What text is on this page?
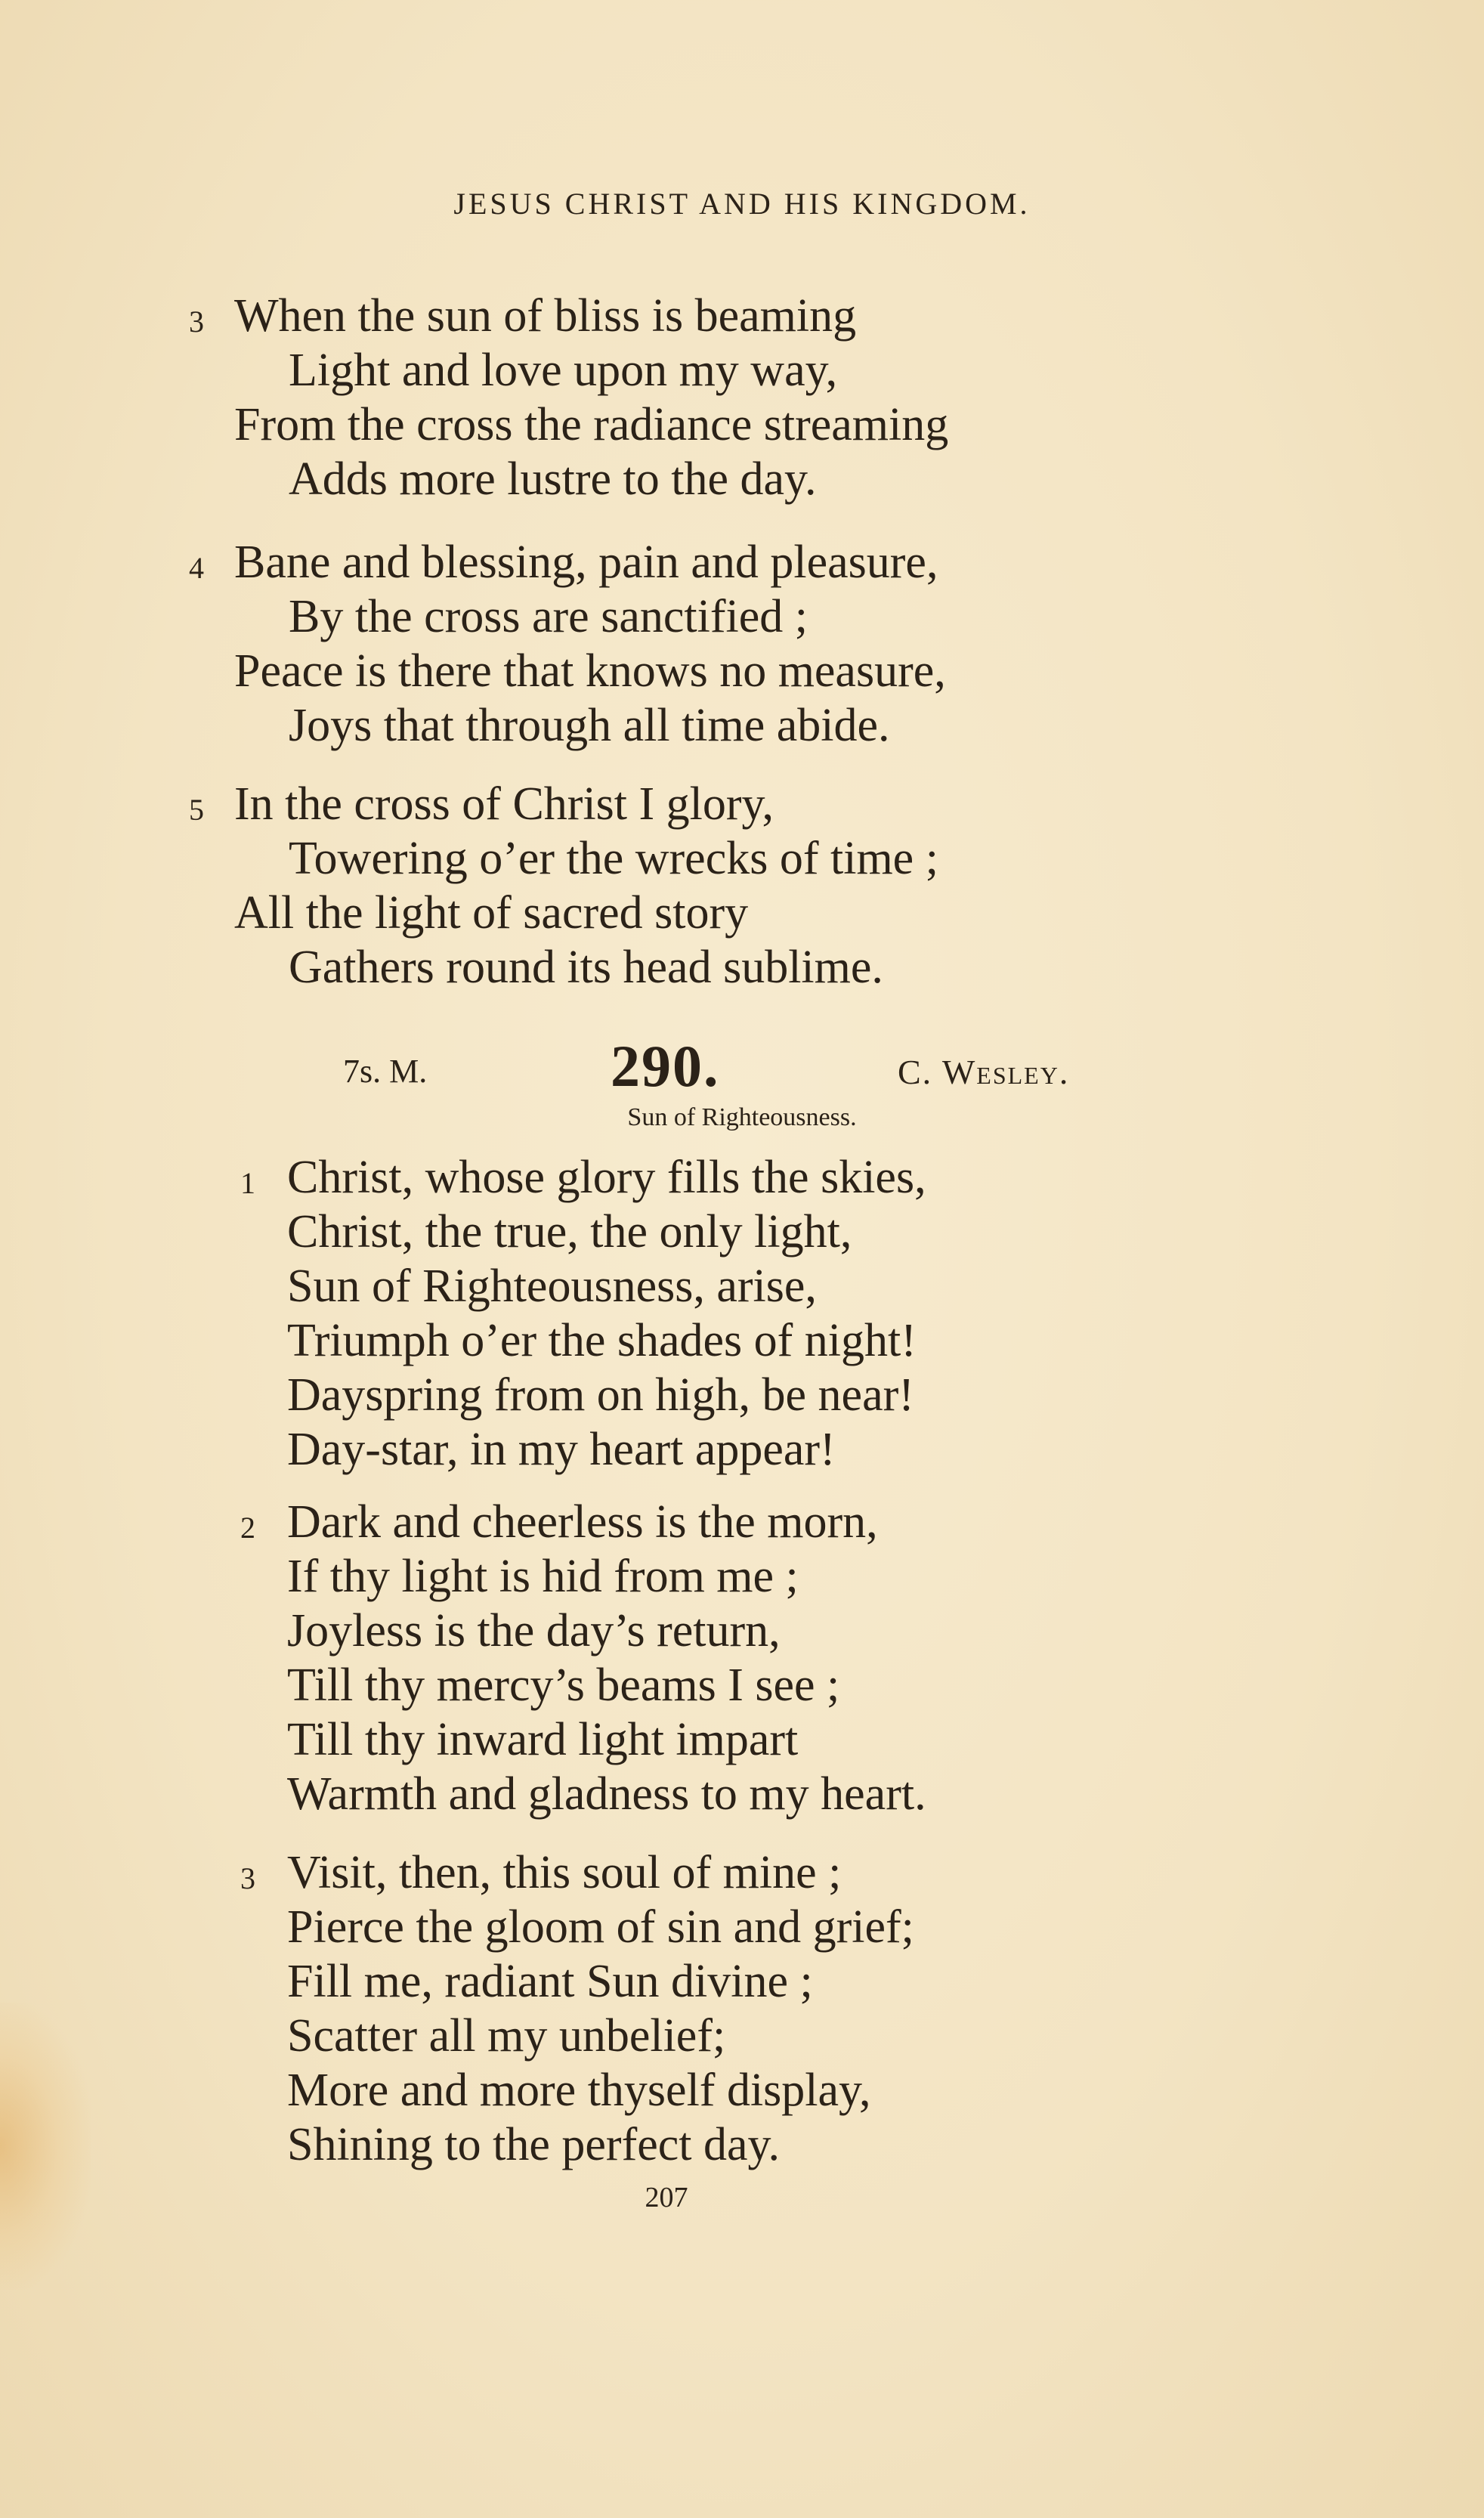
JESUS CHRIST AND HIS KINGDOM.
3 When the sun of bliss is beaming
Light and love upon my way,
From the cross the radiance streaming
Adds more lustre to the day.
4 Bane and blessing, pain and pleasure,
By the cross are sanctified ;
Peace is there that knows no measure,
Joys that through all time abide.
5 In the cross of Christ I glory,
Towering o’er the wrecks of time ;
All the light of sacred story
Gathers round its head sublime.
7s. M.	290.	C. Wesley.
Sun of Righteousness.
1 Christ, whose glory fills the skies,
Christ, the true, the only light,
Sun of Righteousness, arise,
Triumph o’er the shades of night!
Dayspring from on high, be near!
Day-star, in my heart appear!
2 Dark and cheerless is the morn,
If thy light is hid from me ;
Joyless is the day’s return,
Till thy mercy’s beams I see ;
Till thy inward light impart
Warmth and gladness to my heart.
3 Visit, then, this soul of mine ;
Pierce the gloom of sin and grief;
Fill me, radiant Sun divine ;
Scatter all my unbelief;
More and more thyself display,
Shining to the perfect day.
207
